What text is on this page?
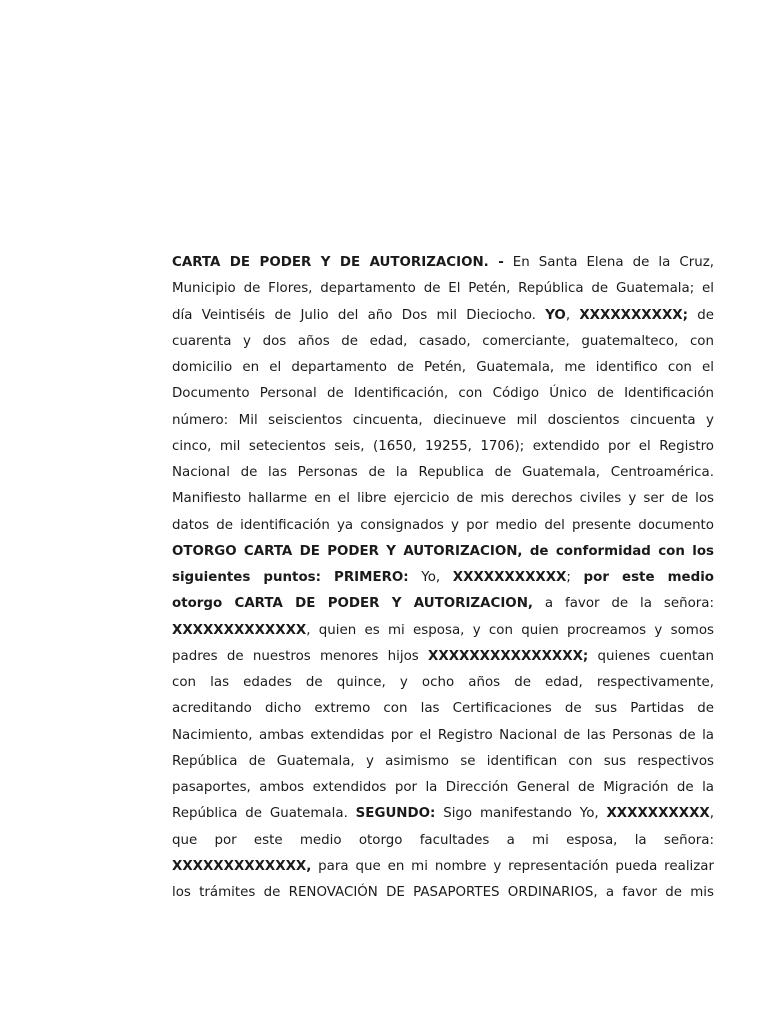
CARTA DE PODER Y DE AUTORIZACION. - En Santa Elena de la Cruz,
Municipio de Flores, departamento de El Petén, República de Guatemala; el
día Veintiséis de Julio del año Dos mil Dieciocho. YO, XXXXXXXXXX; de
cuarenta y dos años de edad, casado, comerciante, guatemalteco, con
domicilio en el departamento de Petén, Guatemala, me identifico con el
Documento Personal de Identificación, con Código Único de Identificación
número: Mil seiscientos cincuenta, diecinueve mil doscientos cincuenta y
cinco, mil setecientos seis, (1650, 19255, 1706); extendido por el Registro
Nacional de las Personas de la Republica de Guatemala, Centroamérica.
Manifiesto hallarme en el libre ejercicio de mis derechos civiles y ser de los
datos de identificación ya consignados y por medio del presente documento
OTORGO CARTA DE PODER Y AUTORIZACION, de conformidad con los
siguientes puntos: PRIMERO: Yo, XXXXXXXXXXX; por este medio
otorgo CARTA DE PODER Y AUTORIZACION, a favor de la señora:
XXXXXXXXXXXXX, quien es mi esposa, y con quien procreamos y somos
padres de nuestros menores hijos XXXXXXXXXXXXXXX; quienes cuentan
con las edades de quince, y ocho años de edad, respectivamente,
acreditando dicho extremo con las Certificaciones de sus Partidas de
Nacimiento, ambas extendidas por el Registro Nacional de las Personas de la
República de Guatemala, y asimismo se identifican con sus respectivos
pasaportes, ambos extendidos por la Dirección General de Migración de la
República de Guatemala. SEGUNDO: Sigo manifestando Yo, XXXXXXXXXX,
que por este medio otorgo facultades a mi esposa, la señora:
XXXXXXXXXXXXX, para que en mi nombre y representación pueda realizar
los trámites de RENOVACIÓN DE PASAPORTES ORDINARIOS, a favor de mis
